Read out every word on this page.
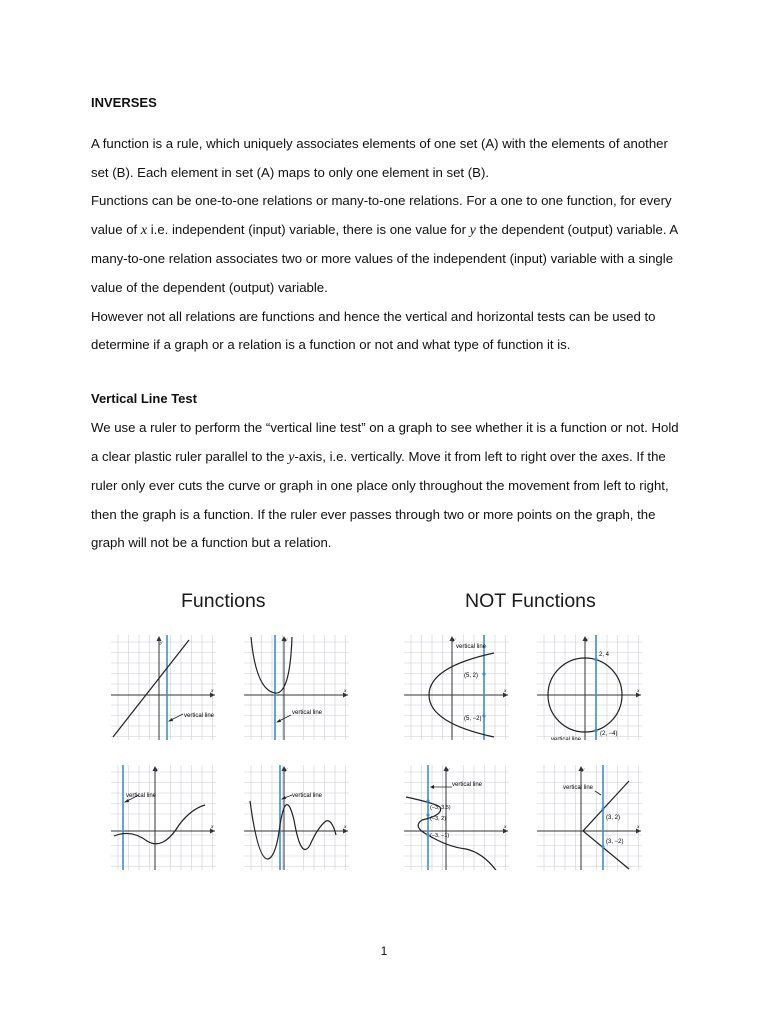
INVERSES

A function is a rule, which uniquely associates elements of one set (A) with the elements of another set (B). Each element in set (A) maps to only one element in set (B).

Functions can be one-to-one relations or many-to-one relations. For a one to one function, for every value of x i.e. independent (input) variable, there is one value for y the dependent (output) variable. A many-to-one relation associates two or more values of the independent (input) variable with a single value of the dependent (output) variable.

However not all relations are functions and hence the vertical and horizontal tests can be used to determine if a graph or a relation is a function or not and what type of function it is.

Vertical Line Test

We use a ruler to perform the “vertical line test” on a graph to see whether it is a function or not. Hold a clear plastic ruler parallel to the y-axis, i.e. vertically. Move it from left to right over the axes. If the ruler only ever cuts the curve or graph in one place only throughout the movement from left to right, then the graph is a function. If the ruler ever passes through two or more points on the graph, the graph will not be a function but a relation.

Functions	NOT Functions
y
x
vertical line
y
x
vertical line
y
x
vertical line
(5, 2)
(5, −2)
y
x
2, 4
(2, −4)
vertical line
y
x
vertical line
y
x
vertical line
y
x
vertical line
(−3, 3.5)
(−3, 2)
(−3, −1)
y
x
vertical line
(3, 2)
(3, −2)
1
